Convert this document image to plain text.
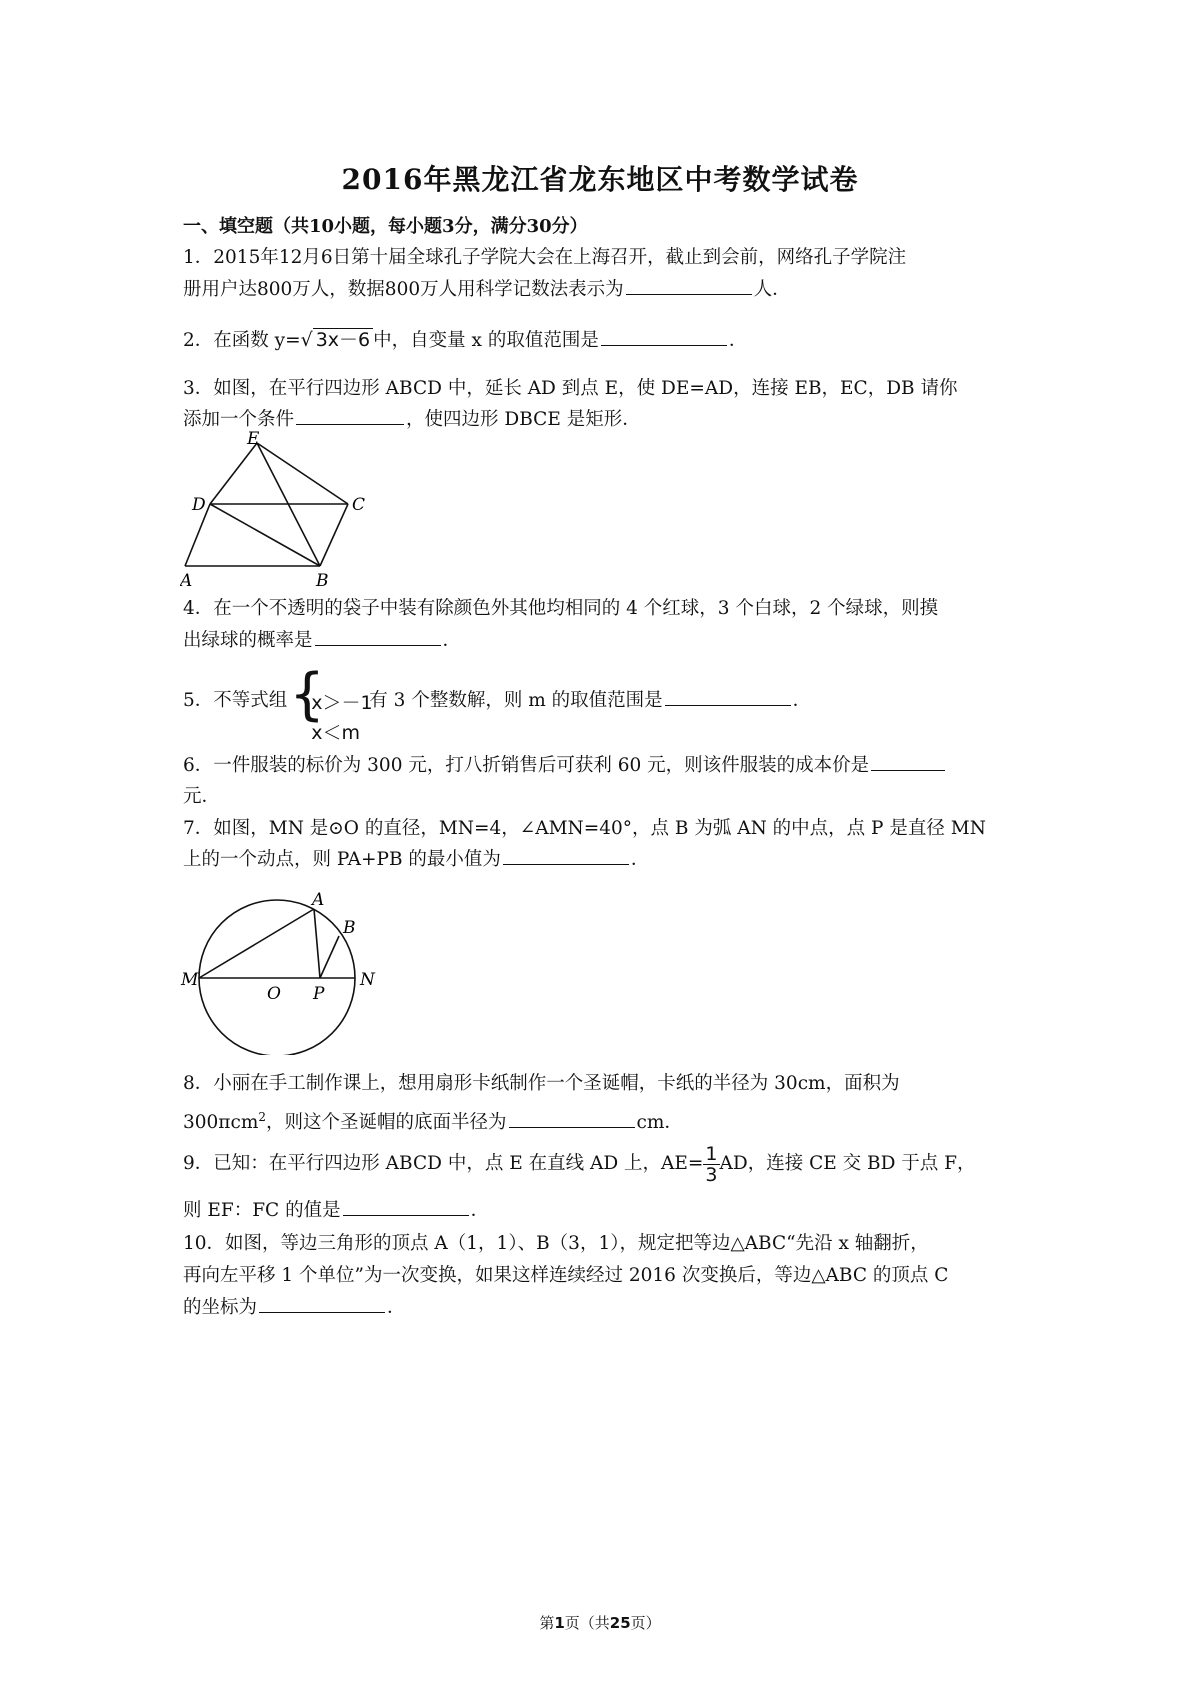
2016年黑龙江省龙东地区中考数学试卷
一、填空题（共10小题，每小题3分，满分30分）
1．2015年12月6日第十届全球孔子学院大会在上海召开，截止到会前，网络孔子学院注
册用户达800万人，数据800万人用科学记数法表示为	人．
2．在函数 y=√ 3x－6 中，自变量 x 的取值范围是	．
3．如图，在平行四边形 ABCD 中，延长 AD 到点 E，使 DE=AD，连接 EB，EC，DB 请你
添加一个条件	，使四边形 DBCE 是矩形．
E
D	C
A	B
4．在一个不透明的袋子中装有除颜色外其他均相同的 4 个红球，3 个白球，2 个绿球，则摸
出绿球的概率是	．
5．不等式组 {
x＞－1
x＜m
有 3 个整数解，则 m 的取值范围是	．
6．一件服装的标价为 300 元，打八折销售后可获利 60 元，则该件服装的成本价是
元．
7．如图，MN 是⊙O 的直径，MN=4，∠AMN=40°，点 B 为弧 AN 的中点，点 P 是直径 MN
上的一个动点，则 PA+PB 的最小值为	．
A
B
M
O P
N
8．小丽在手工制作课上，想用扇形卡纸制作一个圣诞帽，卡纸的半径为 30cm，面积为
300πcm$^2$，则这个圣诞帽的底面半径为	cm．
9．已知：在平行四边形 ABCD 中，点 E 在直线 AD 上，$AE= \frac{1}{3}$ AD，连接 CE 交 BD 于点 F，
则 EF：FC 的值是	．
10．如图，等边三角形的顶点 A（1，1）、B（3，1），规定把等边△ABC“先沿 x 轴翻折，
再向左平移 1 个单位”为一次变换，如果这样连续经过 2016 次变换后，等边△ABC 的顶点 C
的坐标为	．
第1页（共25页）
